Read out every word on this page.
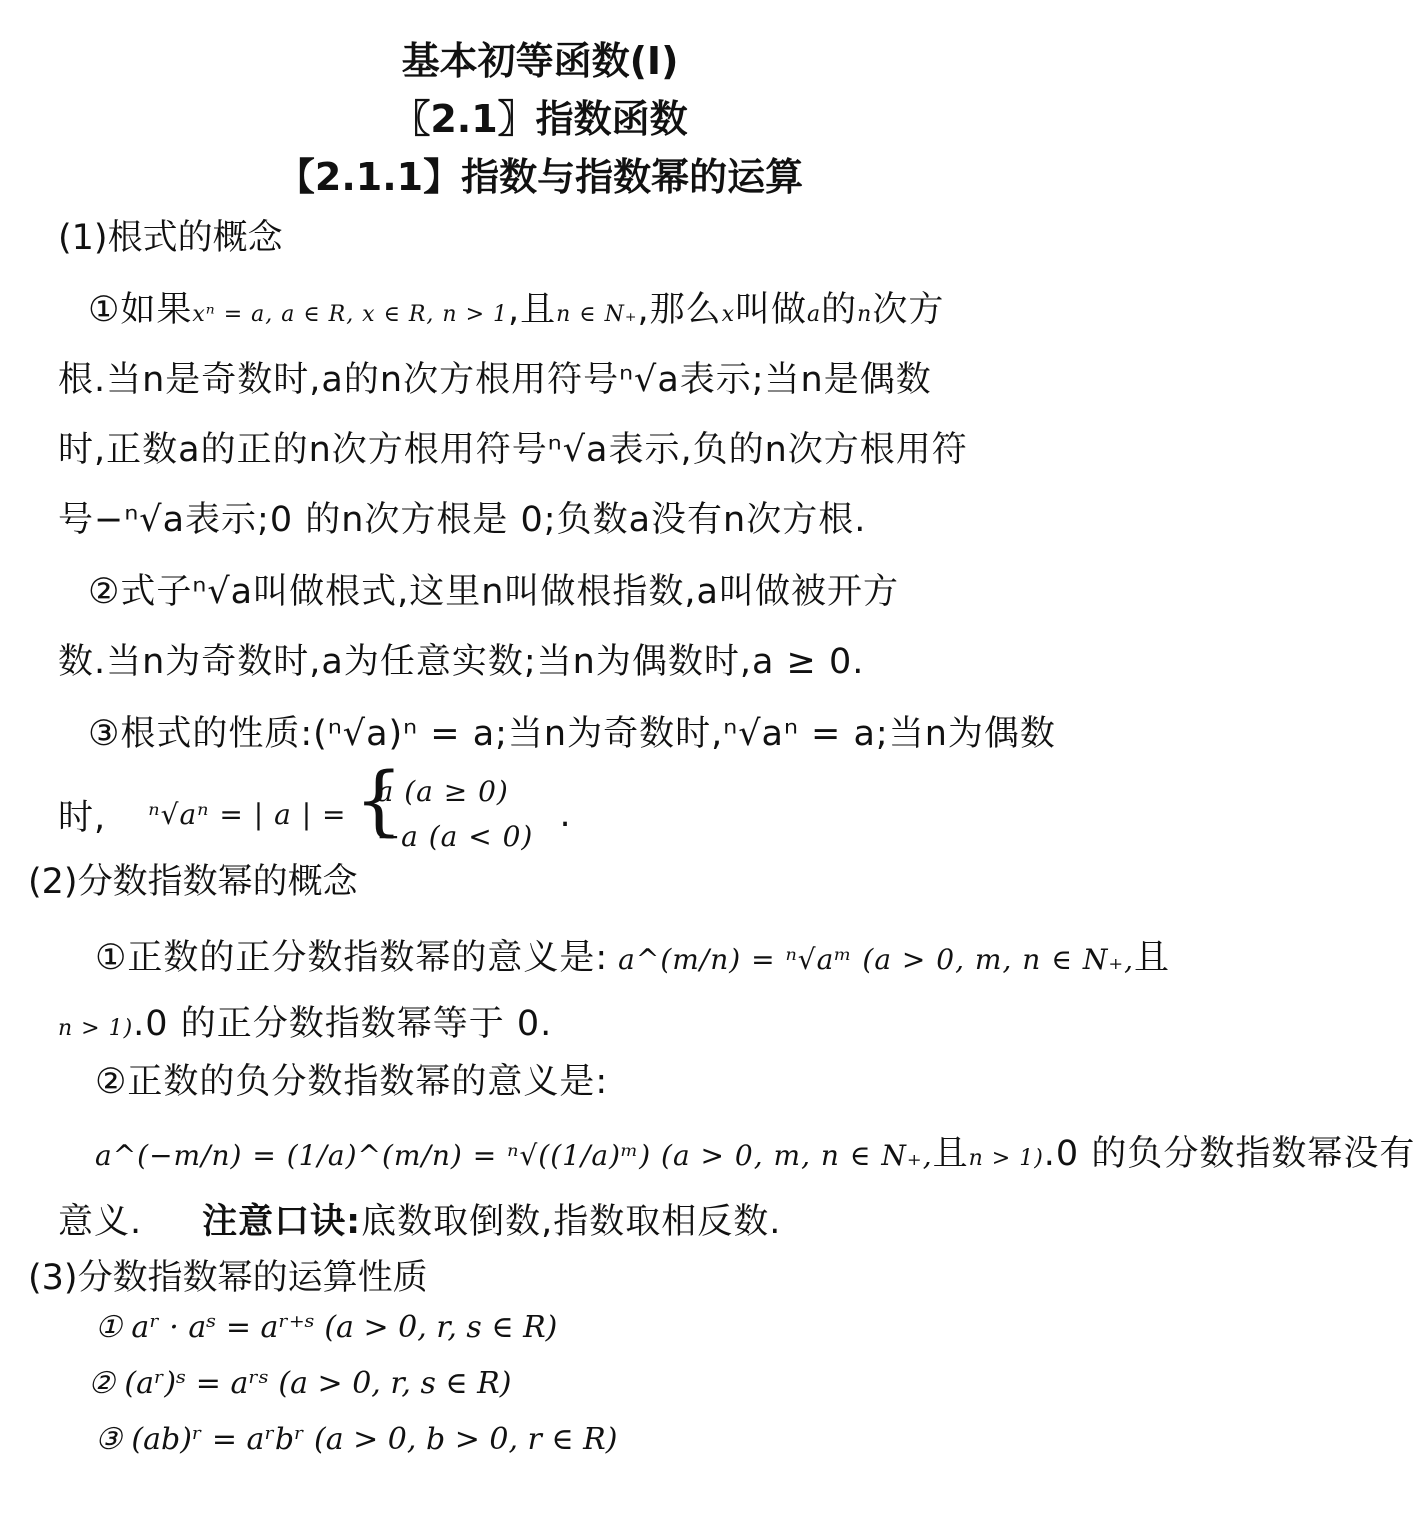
基本初等函数(Ⅰ)
〖2.1〗指数函数
【2.1.1】指数与指数幂的运算
(1)根式的概念
①如果xⁿ = a, a ∈ R, x ∈ R, n > 1,且n ∈ N₊,那么x叫做a的n次方
根.当n是奇数时,a的n次方根用符号ⁿ√a表示;当n是偶数
时,正数a的正的n次方根用符号ⁿ√a表示,负的n次方根用符
号−ⁿ√a表示;0 的n次方根是 0;负数a没有n次方根.
②式子ⁿ√a叫做根式,这里n叫做根指数,a叫做被开方
数.当n为奇数时,a为任意实数;当n为偶数时,a ≥ 0.
③根式的性质:(ⁿ√a)ⁿ = a;当n为奇数时,ⁿ√aⁿ = a;当n为偶数
时, ⁿ√aⁿ = | a | =
{ a (a ≥ 0)
−a (a < 0)
.
(2)分数指数幂的概念
①正数的正分数指数幂的意义是: a^(m/n) = ⁿ√aᵐ (a > 0, m, n ∈ N₊,且
n > 1).0 的正分数指数幂等于 0.
②正数的负分数指数幂的意义是:
a^(−m/n) = (1/a)^(m/n) = ⁿ√((1/a)ᵐ) (a > 0, m, n ∈ N₊,且n > 1).0 的负分数指数幂没有
意义. 注意口诀:底数取倒数,指数取相反数.
(3)分数指数幂的运算性质
① aʳ · aˢ = aʳ⁺ˢ (a > 0, r, s ∈ R)
② (aʳ)ˢ = aʳˢ (a > 0, r, s ∈ R)
③ (ab)ʳ = aʳbʳ (a > 0, b > 0, r ∈ R)
